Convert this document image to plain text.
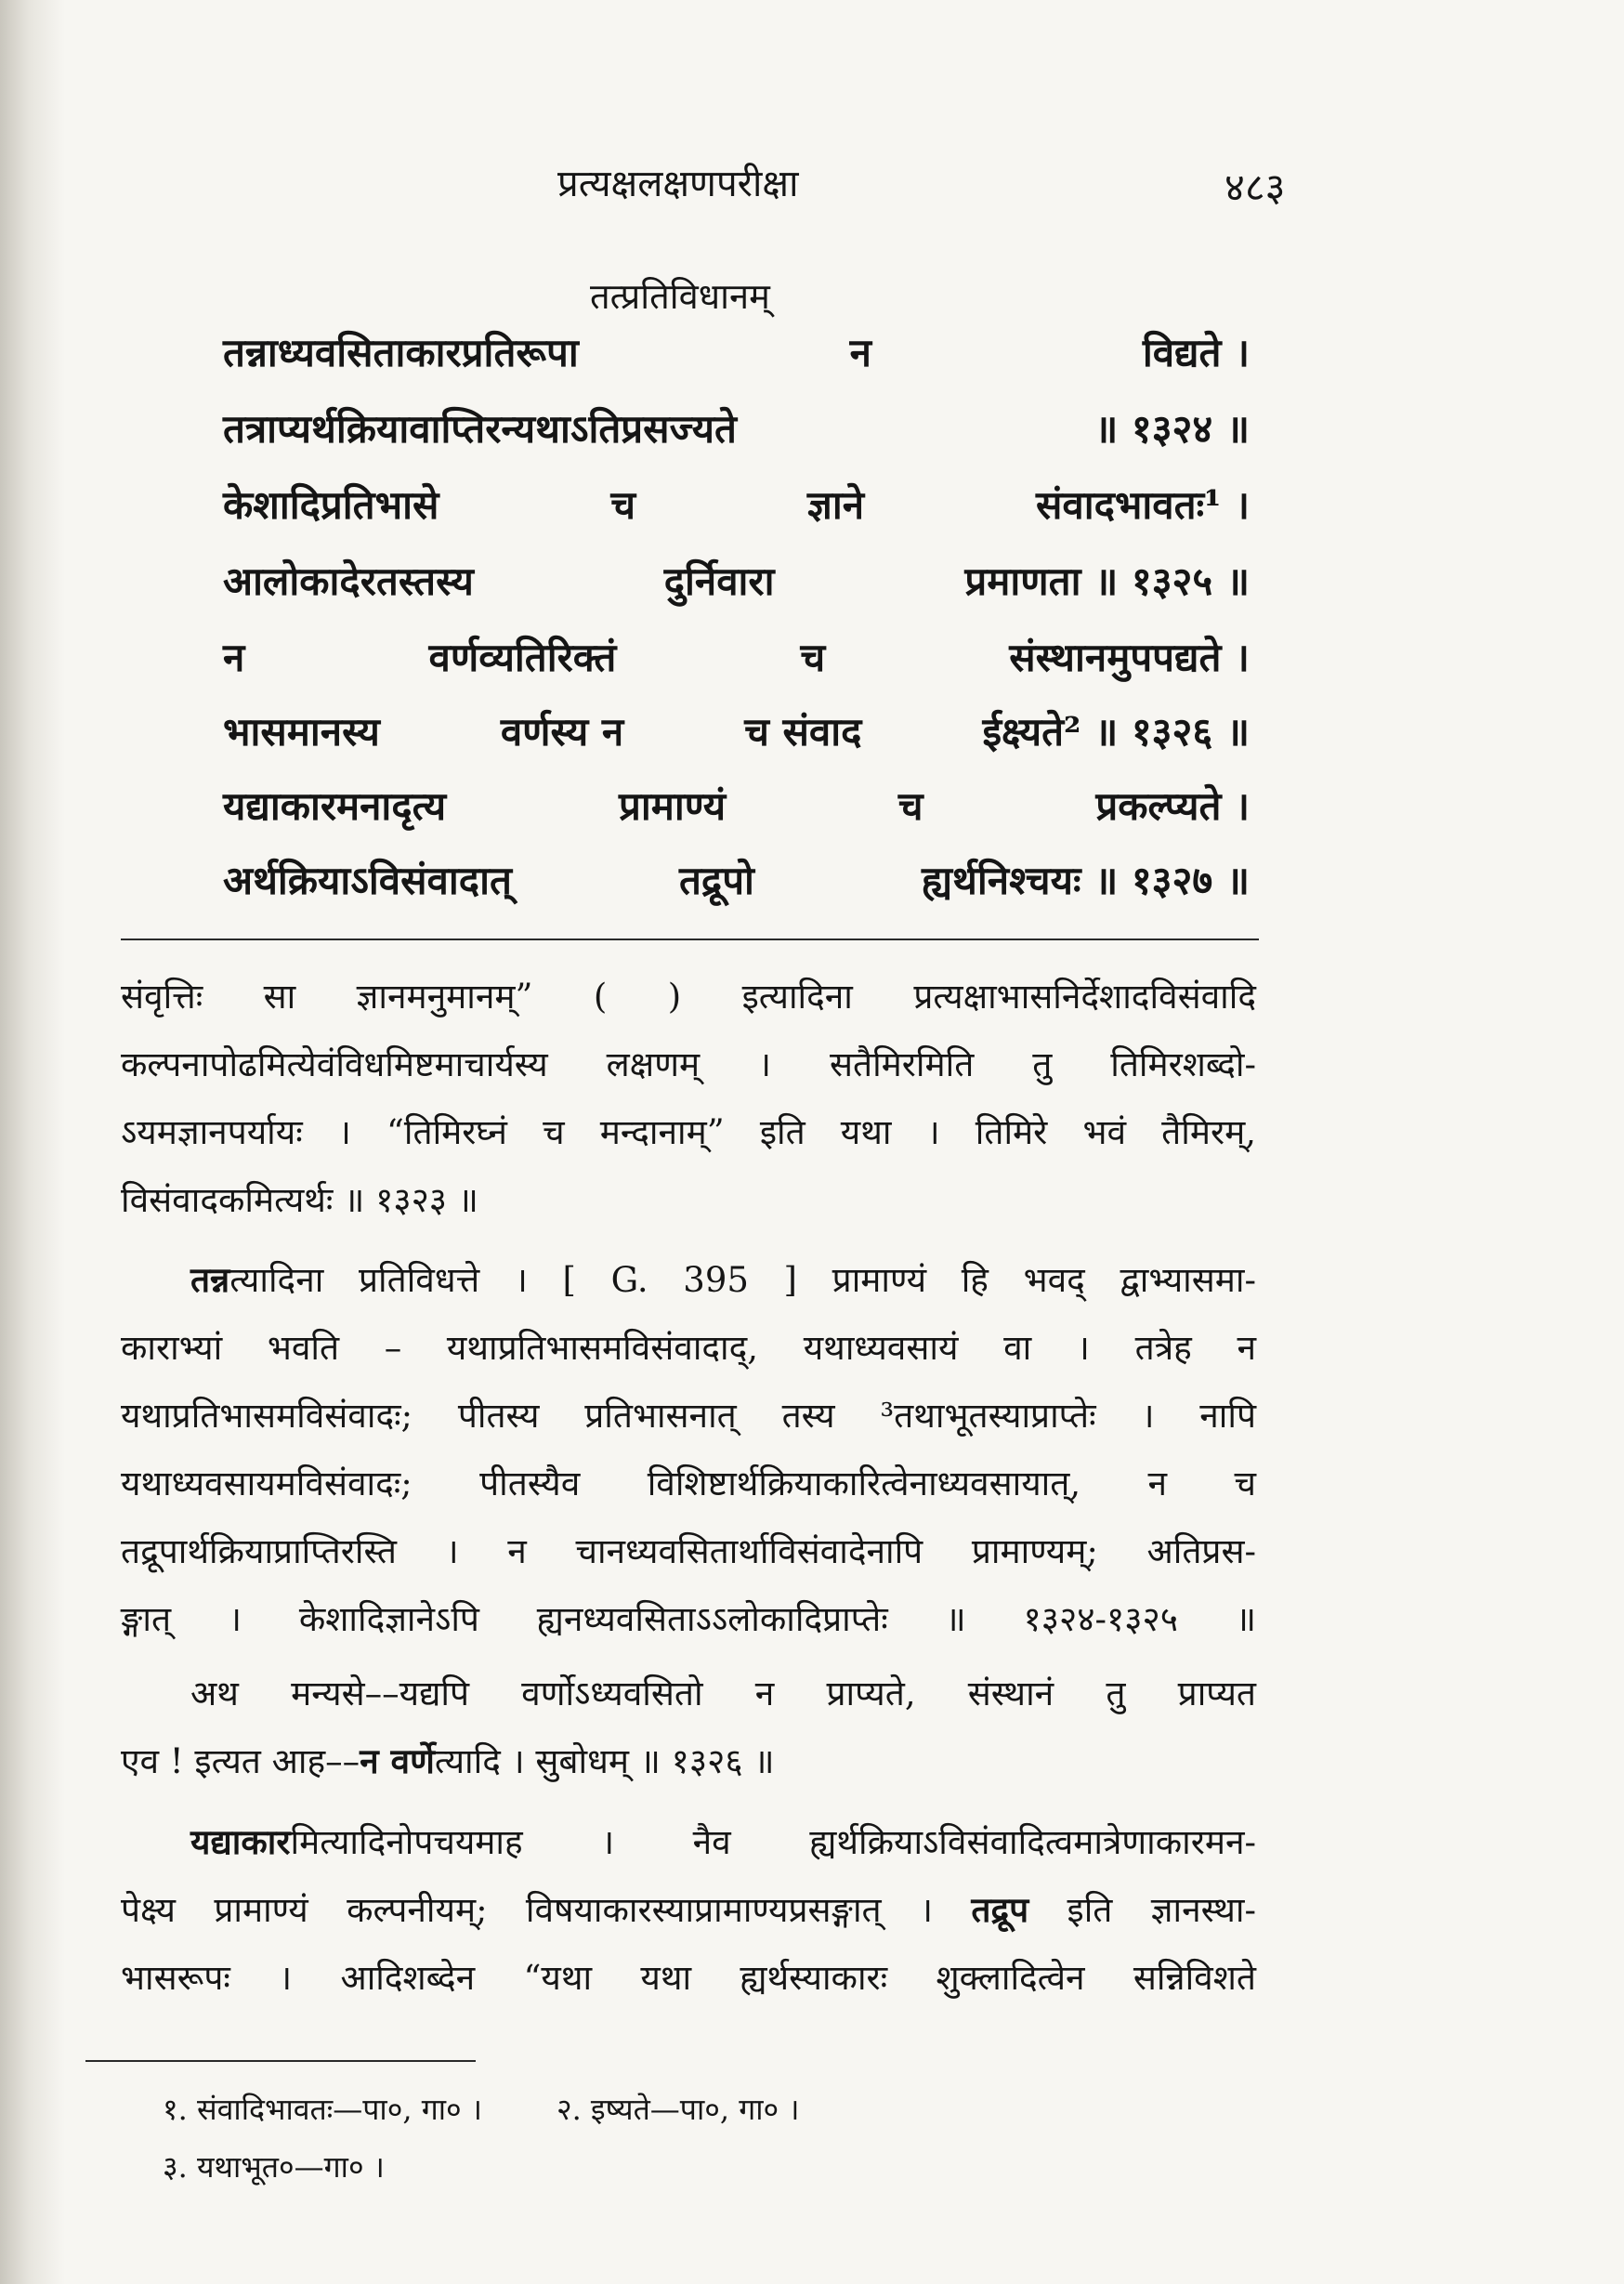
प्रत्यक्षलक्षणपरीक्षा	४८३
तत्प्रतिविधानम्
तन्नाध्यवसिताकारप्रतिरूपा	न	विद्यते ।
तत्राप्यर्थक्रियावाप्तिरन्यथाऽतिप्रसज्यते	॥ १३२४ ॥
केशादिप्रतिभासे	च	ज्ञाने	संवादभावतः¹ ।
आलोकादेरतस्तस्य	दुर्निवारा	प्रमाणता ॥ १३२५ ॥
न	वर्णव्यतिरिक्तं	च	संस्थानमुपपद्यते ।
भासमानस्य	वर्णस्य न	च संवाद	ईक्ष्यते² ॥ १३२६ ॥
यद्याकारमनादृत्य	प्रामाण्यं	च	प्रकल्प्यते ।
अर्थक्रियाऽविसंवादात्	तद्रूपो	ह्यर्थनिश्चयः ॥ १३२७ ॥
संवृत्तिः सा ज्ञानमनुमानम्” ( ) इत्यादिना प्रत्यक्षाभासनिर्देशादविसंवादि
कल्पनापोढमित्येवंविधमिष्टमाचार्यस्य लक्षणम् । सतैमिरमिति तु तिमिरशब्दो-
ऽयमज्ञानपर्यायः । “तिमिरघ्नं च मन्दानाम्” इति यथा । तिमिरे भवं तैमिरम्,
विसंवादकमित्यर्थः ॥ १३२३ ॥
तन्नत्यादिना प्रतिविधत्ते । [ G. 395 ] प्रामाण्यं हि भवद् द्वाभ्यासमा-
काराभ्यां भवति – यथाप्रतिभासमविसंवादाद्, यथाध्यवसायं वा । तत्रेह न
यथाप्रतिभासमविसंवादः; पीतस्य प्रतिभासनात् तस्य ³तथाभूतस्याप्राप्तेः । नापि
यथाध्यवसायमविसंवादः; पीतस्यैव विशिष्टार्थक्रियाकारित्वेनाध्यवसायात्, न च
तद्रूपार्थक्रियाप्राप्तिरस्ति । न चानध्यवसितार्थाविसंवादेनापि प्रामाण्यम्; अतिप्रस-
ङ्गात् । केशादिज्ञानेऽपि ह्यनध्यवसिताऽऽलोकादिप्राप्तेः ॥ १३२४-१३२५ ॥
अथ मन्यसे––यद्यपि वर्णोऽध्यवसितो न प्राप्यते, संस्थानं तु प्राप्यत
एव ! इत्यत आह––न वर्णेत्यादि । सुबोधम् ॥ १३२६ ॥
यद्याकारमित्यादिनोपचयमाह । नैव ह्यर्थक्रियाऽविसंवादित्वमात्रेणाकारमन-
पेक्ष्य प्रामाण्यं कल्पनीयम्; विषयाकारस्याप्रामाण्यप्रसङ्गात् । तद्रूप इति ज्ञानस्था-
भासरूपः । आदिशब्देन “यथा यथा ह्यर्थस्याकारः शुक्लादित्वेन सन्निविशते
१. संवादिभावतः—पा०, गा० ।	२. इष्यते—पा०, गा० ।
३. यथाभूत०—गा० ।
